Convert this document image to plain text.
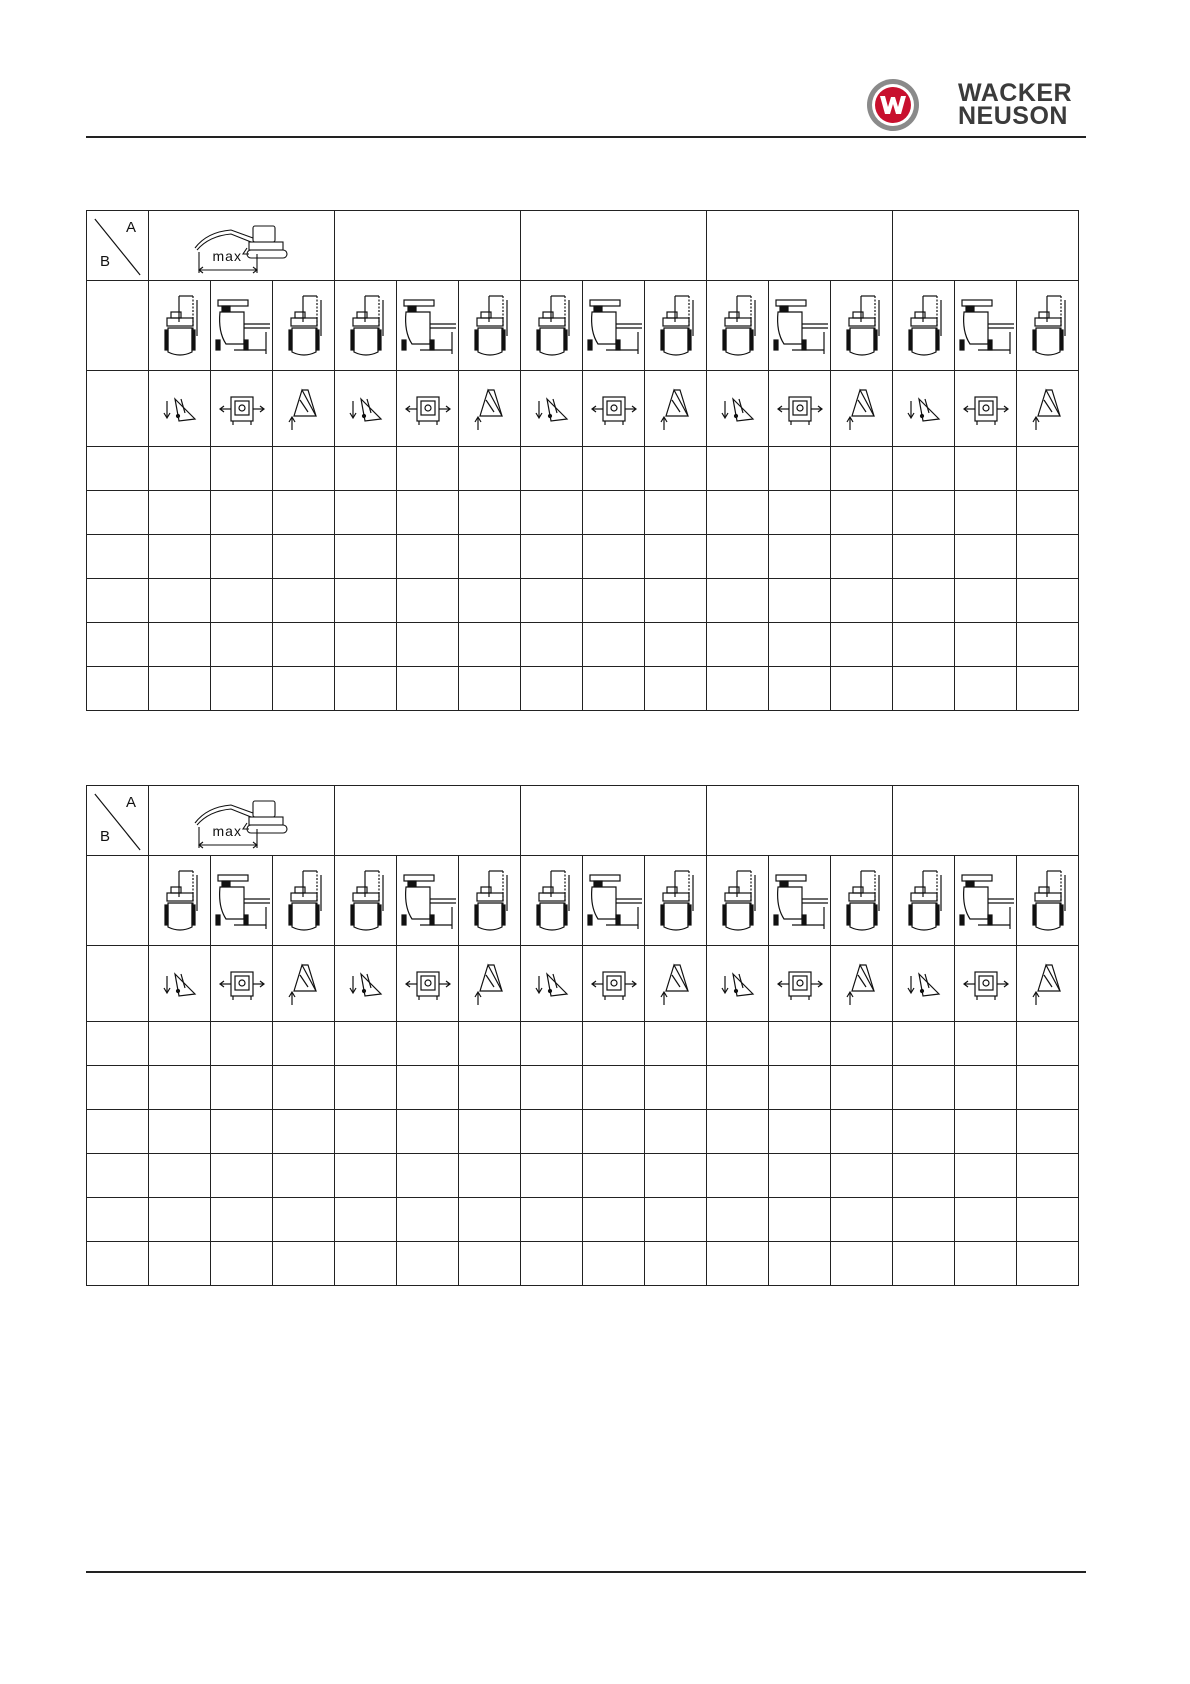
WACKER
NEUSON
A
B	max														

A
B	max														
